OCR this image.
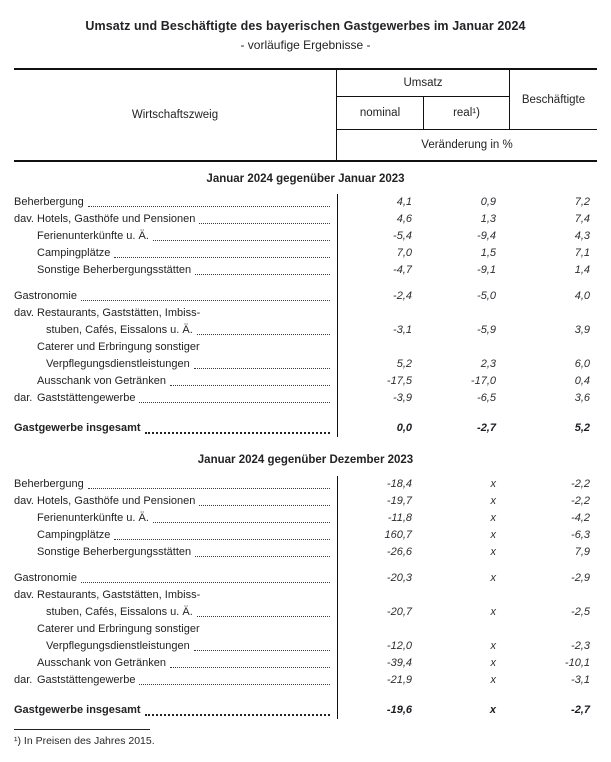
Umsatz und Beschäftigte des bayerischen Gastgewerbes im Januar 2024
- vorläufige Ergebnisse -
Wirtschaftszweig
Umsatz
nominal	real¹)
Beschäftigte
Veränderung in %
Januar 2024 gegenüber Januar 2023
Beherbergung	4,1	0,9	7,2
dav. Hotels, Gasthöfe und Pensionen	4,6	1,3	7,4
Ferienunterkünfte u. Ä.	-5,4	-9,4	4,3
Campingplätze	7,0	1,5	7,1
Sonstige Beherbergungsstätten	-4,7	-9,1	1,4
Gastronomie	-2,4	-5,0	4,0
dav. Restaurants, Gaststätten, Imbiss-
stuben, Cafés, Eissalons u. Ä.	-3,1	-5,9	3,9
Caterer und Erbringung sonstiger
Verpflegungsdienstleistungen	5,2	2,3	6,0
Ausschank von Getränken	-17,5	-17,0	0,4
dar. Gaststättengewerbe	-3,9	-6,5	3,6
Gastgewerbe insgesamt	0,0	-2,7	5,2
Januar 2024 gegenüber Dezember 2023
Beherbergung	-18,4	x	-2,2
dav. Hotels, Gasthöfe und Pensionen	-19,7	x	-2,2
Ferienunterkünfte u. Ä.	-11,8	x	-4,2
Campingplätze	160,7	x	-6,3
Sonstige Beherbergungsstätten	-26,6	x	7,9
Gastronomie	-20,3	x	-2,9
dav. Restaurants, Gaststätten, Imbiss-
stuben, Cafés, Eissalons u. Ä.	-20,7	x	-2,5
Caterer und Erbringung sonstiger
Verpflegungsdienstleistungen	-12,0	x	-2,3
Ausschank von Getränken	-39,4	x	-10,1
dar. Gaststättengewerbe	-21,9	x	-3,1
Gastgewerbe insgesamt	-19,6	x	-2,7
¹) In Preisen des Jahres 2015.
